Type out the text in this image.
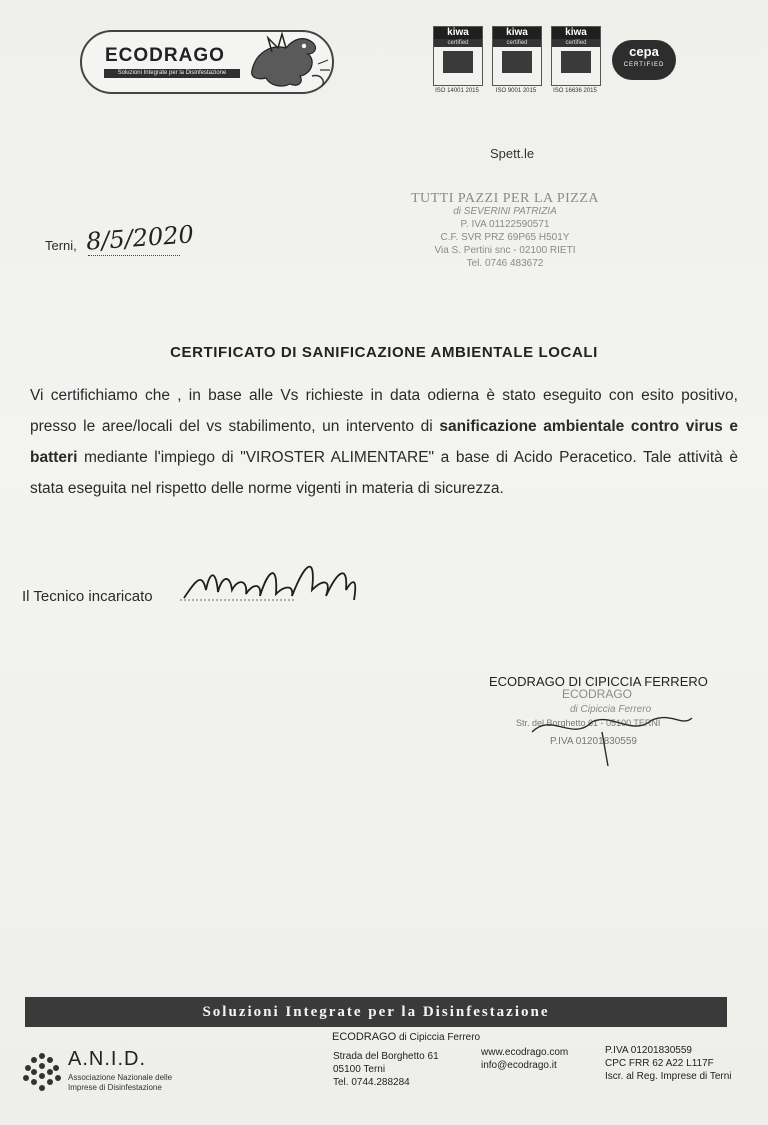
ECODRAGO
Soluzioni Integrate per la Disinfestazione
kiwa
certified
ISO 14001 2015
kiwa
certified
ISO 9001 2015
kiwa
certified
ISO 16636 2015
cepa
CERTIFIED
Spett.le
TUTTI PAZZI PER LA PIZZA
di SEVERINI PATRIZIA
P. IVA 01122590571
C.F. SVR PRZ 69P65 H501Y
Via S. Pertini snc - 02100 RIETI
Tel. 0746 483672
Terni, 8/5/2020
CERTIFICATO DI SANIFICAZIONE AMBIENTALE LOCALI
Vi certifichiamo che , in base alle Vs richieste in data odierna è stato eseguito con esito positivo, presso le aree/locali del vs stabilimento, un intervento di sanificazione ambientale contro virus e batteri mediante l'impiego di "VIROSTER ALIMENTARE" a base di Acido Peracetico. Tale attività è stata eseguita nel rispetto delle norme vigenti in materia di sicurezza.
Il Tecnico incaricato
ECODRAGO DI CIPICCIA FERRERO
ECODRAGO
di Cipiccia Ferrero
Str. del Borghetto 61 - 05100 TERNI
P.IVA 01201830559
Soluzioni Integrate per la Disinfestazione
A.N.I.D.
Associazione Nazionale delle
Imprese di Disinfestazione
ECODRAGO di Cipiccia Ferrero
Strada del Borghetto 61
05100 Terni
Tel. 0744.288284
www.ecodrago.com
info@ecodrago.it
P.IVA 01201830559
CPC FRR 62 A22 L117F
Iscr. al Reg. Imprese di Terni
